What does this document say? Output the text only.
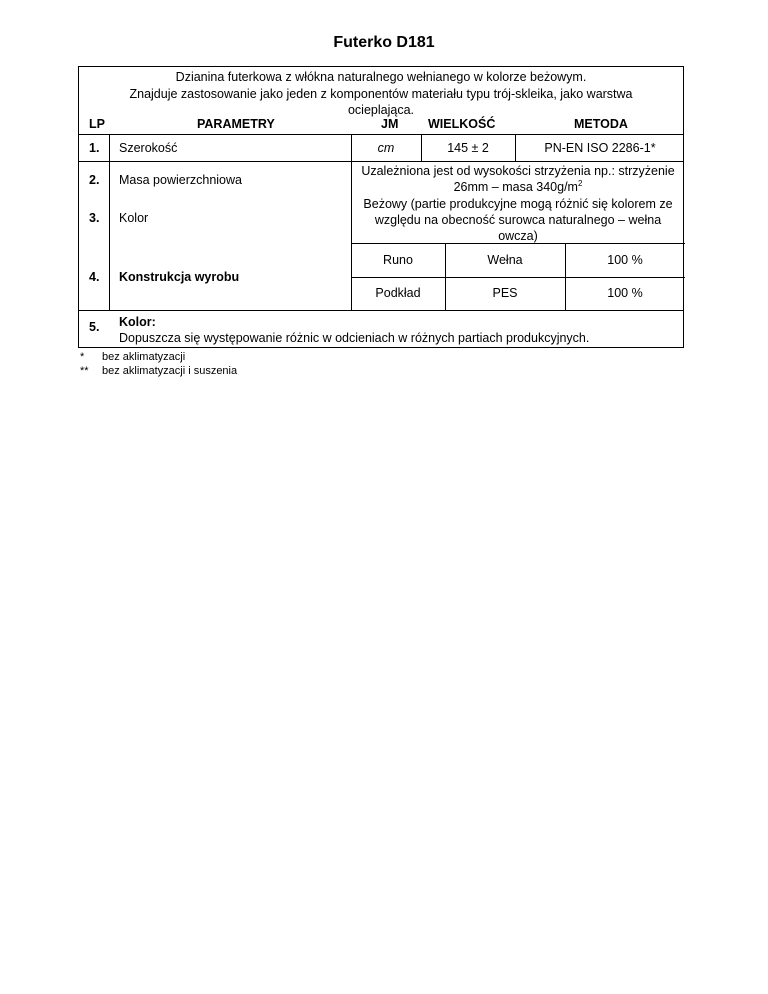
Futerko D181
Dzianina futerkowa z włókna naturalnego wełnianego w kolorze beżowym.
Znajduje zastosowanie jako jeden z komponentów materiału typu trój-skleika, jako warstwa
ocieplająca.
LP	PARAMETRY	JM WIELKOŚĆ	METODA
1. Szerokość	cm	145 ± 2	PN-EN ISO 2286-1*
2. Masa powierzchniowa
Uzależniona jest od wysokości strzyżenia np.: strzyżenie
26mm – masa $340g/m^2$
3. Kolor
Beżowy (partie produkcyjne mogą różnić się kolorem ze
względu na obecność surowca naturalnego – wełna
owcza)
4. Konstrukcja wyrobu
Runo	Wełna	100 %
Podkład	PES	100 %
5. Kolor:
Dopuszcza się występowanie różnic w odcieniach w różnych partiach produkcyjnych.
* bez aklimatyzacji
** bez aklimatyzacji i suszenia
